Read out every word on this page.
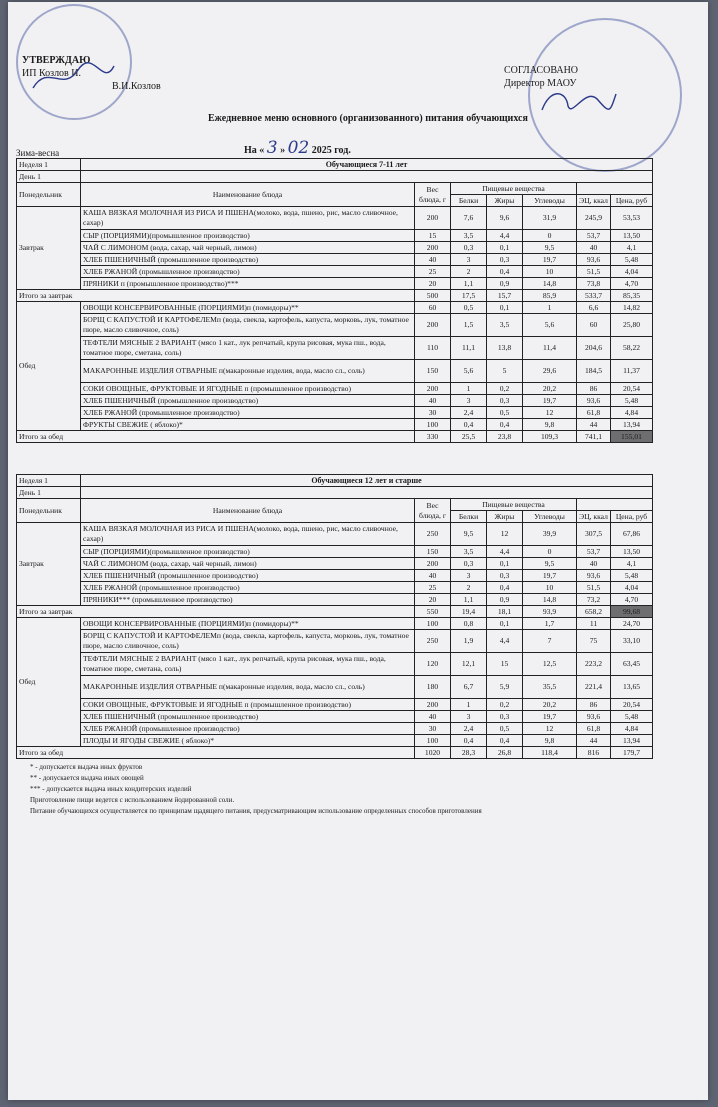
УТВЕРЖДАЮ
ИП Козлов И.
В.И.Козлов
СОГЛАСОВАНО
Директор МАОУ
Ежедневное меню основного (организованного) питания обучающихся
На « 3 » 02 2025 год.
Зима-весна
Неделя 1	Обучающиеся 7-11 лет						
День 1							
Понедельник	Наименование блюда	Вес блюда, г	Пищевые вещества				
			Белки	Жиры	Углеводы	ЭЦ, ккал	Цена, руб
Завтрак	КАША ВЯЗКАЯ МОЛОЧНАЯ ИЗ РИСА И ПШЕНА(молоко, вода, пшено, рис, масло сливочное, сахар)	200	7,6	9,6	31,9	245,9	53,53
	СЫР (ПОРЦИЯМИ)(промышленное производство)	15	3,5	4,4	0	53,7	13,50
	ЧАЙ С ЛИМОНОМ (вода, сахар, чай черный, лимон)	200	0,3	0,1	9,5	40	4,1
	ХЛЕБ ПШЕНИЧНЫЙ (промышленное производство)	40	3	0,3	19,7	93,6	5,48
	ХЛЕБ РЖАНОЙ (промышленное производство)	25	2	0,4	10	51,5	4,04
	ПРЯНИКИ п (промышленное производство)***	20	1,1	0,9	14,8	73,8	4,70
Итого за завтрак		500	17,5	15,7	85,9	533,7	85,35
Обед	ОВОЩИ КОНСЕРВИРОВАННЫЕ (ПОРЦИЯМИ)п (помидоры)**	60	0,5	0,1	1	6,6	14,82
	БОРЩ С КАПУСТОЙ И КАРТОФЕЛЕМп (вода, свекла, картофель, капуста, морковь, лук, томатное пюре, масло сливочное, соль)	200	1,5	3,5	5,6	60	25,80
	ТЕФТЕЛИ МЯСНЫЕ 2 ВАРИАНТ (мясо 1 кат., лук репчатый, крупа рисовая, мука пш., вода, томатное пюре, сметана, соль)	110	11,1	13,8	11,4	204,6	58,22
	МАКАРОННЫЕ ИЗДЕЛИЯ ОТВАРНЫЕ п(макаронные изделия, вода, масло сл., соль)	150	5,6	5	29,6	184,5	11,37
	СОКИ ОВОЩНЫЕ, ФРУКТОВЫЕ И ЯГОДНЫЕ п (промышленное производство)	200	1	0,2	20,2	86	20,54
	ХЛЕБ ПШЕНИЧНЫЙ (промышленное производство)	40	3	0,3	19,7	93,6	5,48
	ХЛЕБ РЖАНОЙ (промышленное производство)	30	2,4	0,5	12	61,8	4,84
	ФРУКТЫ СВЕЖИЕ ( яблоко)*	100	0,4	0,4	9,8	44	13,94
Итого за обед		330	25,5	23,8	109,3	741,1	155,01
Неделя 1	Обучающиеся 12 лет и старше						
День 1							
Понедельник	Наименование блюда	Вес блюда, г	Пищевые вещества				
			Белки	Жиры	Углеводы	ЭЦ, ккал	Цена, руб
Завтрак	КАША ВЯЗКАЯ МОЛОЧНАЯ ИЗ РИСА И ПШЕНА(молоко, вода, пшено, рис, масло сливочное, сахар)	250	9,5	12	39,9	307,5	67,86
	СЫР (ПОРЦИЯМИ)(промышленное производство)	150	3,5	4,4	0	53,7	13,50
	ЧАЙ С ЛИМОНОМ (вода, сахар, чай черный, лимон)	200	0,3	0,1	9,5	40	4,1
	ХЛЕБ ПШЕНИЧНЫЙ (промышленное производство)	40	3	0,3	19,7	93,6	5,48
	ХЛЕБ РЖАНОЙ (промышленное производство)	25	2	0,4	10	51,5	4,04
	ПРЯНИКИ*** (промышленное производство)	20	1,1	0,9	14,8	73,2	4,70
Итого за завтрак		550	19,4	18,1	93,9	658,2	99,68
Обед	ОВОЩИ КОНСЕРВИРОВАННЫЕ (ПОРЦИЯМИ)п (помидоры)**	100	0,8	0,1	1,7	11	24,70
	БОРЩ С КАПУСТОЙ И КАРТОФЕЛЕМп (вода, свекла, картофель, капуста, морковь, лук, томатное пюре, масло сливочное, соль)	250	1,9	4,4	7	75	33,10
	ТЕФТЕЛИ МЯСНЫЕ 2 ВАРИАНТ (мясо 1 кат., лук репчатый, крупа рисовая, мука пш., вода, томатное пюре, сметана, соль)	120	12,1	15	12,5	223,2	63,45
	МАКАРОННЫЕ ИЗДЕЛИЯ ОТВАРНЫЕ п(макаронные изделия, вода, масло сл., соль)	180	6,7	5,9	35,5	221,4	13,65
	СОКИ ОВОЩНЫЕ, ФРУКТОВЫЕ И ЯГОДНЫЕ п (промышленное производство)	200	1	0,2	20,2	86	20,54
	ХЛЕБ ПШЕНИЧНЫЙ (промышленное производство)	40	3	0,3	19,7	93,6	5,48
	ХЛЕБ РЖАНОЙ (промышленное производство)	30	2,4	0,5	12	61,8	4,84
	ПЛОДЫ И ЯГОДЫ СВЕЖИЕ ( яблоко)*	100	0,4	0,4	9,8	44	13,94
Итого за обед		1020	28,3	26,8	118,4	816	179,7
* - допускается выдача иных фруктов
** - допускается выдача иных овощей
*** - допускается выдача иных кондитерских изделий
Приготовление пищи ведется с использованием йодированной соли.
Питание обучающихся осуществляется по принципам щадящего питания, предусматривающим использование определенных способов приготовления
